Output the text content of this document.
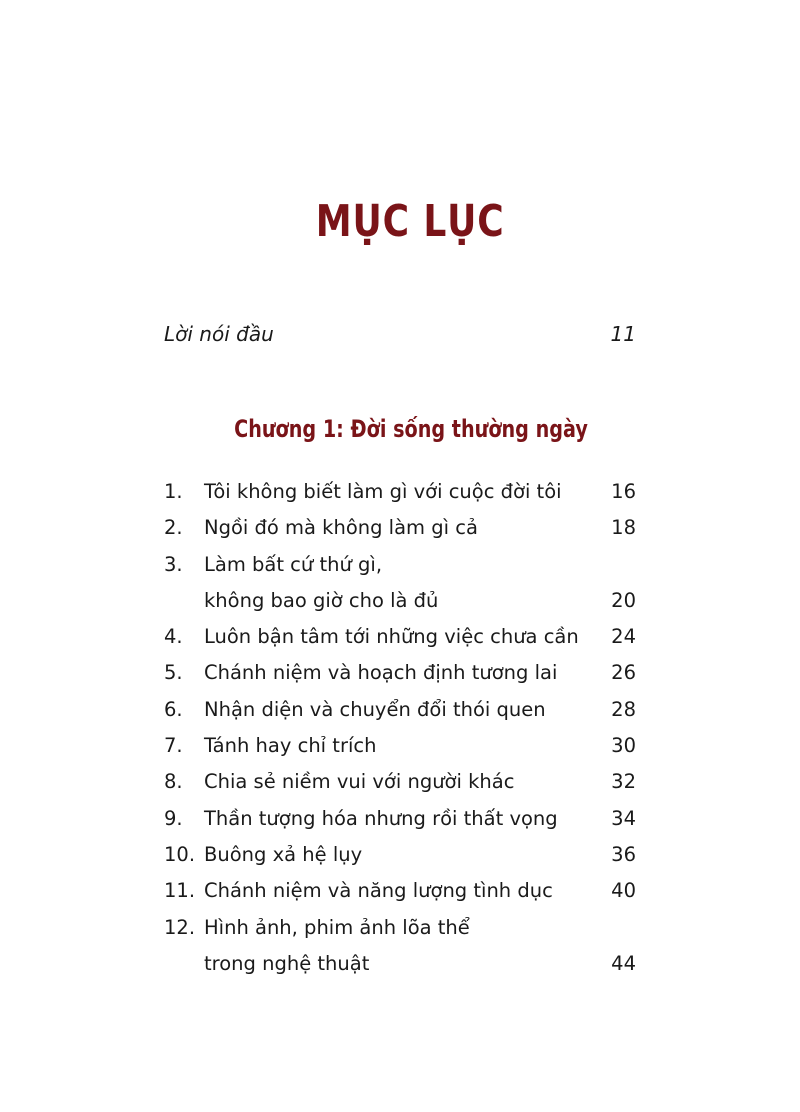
MỤC LỤC
Lời nói đầu	11
Chương 1: Đời sống thường ngày
1. Tôi không biết làm gì với cuộc đời tôi	16
2. Ngồi đó mà không làm gì cả	18
3. Làm bất cứ thứ gì,
không bao giờ cho là đủ	20
4. Luôn bận tâm tới những việc chưa cần	24
5. Chánh niệm và hoạch định tương lai	26
6. Nhận diện và chuyển đổi thói quen	28
7. Tánh hay chỉ trích	30
8. Chia sẻ niềm vui với người khác	32
9. Thần tượng hóa nhưng rồi thất vọng	34
10. Buông xả hệ lụy	36
11. Chánh niệm và năng lượng tình dục	40
12. Hình ảnh, phim ảnh lõa thể
trong nghệ thuật	44
